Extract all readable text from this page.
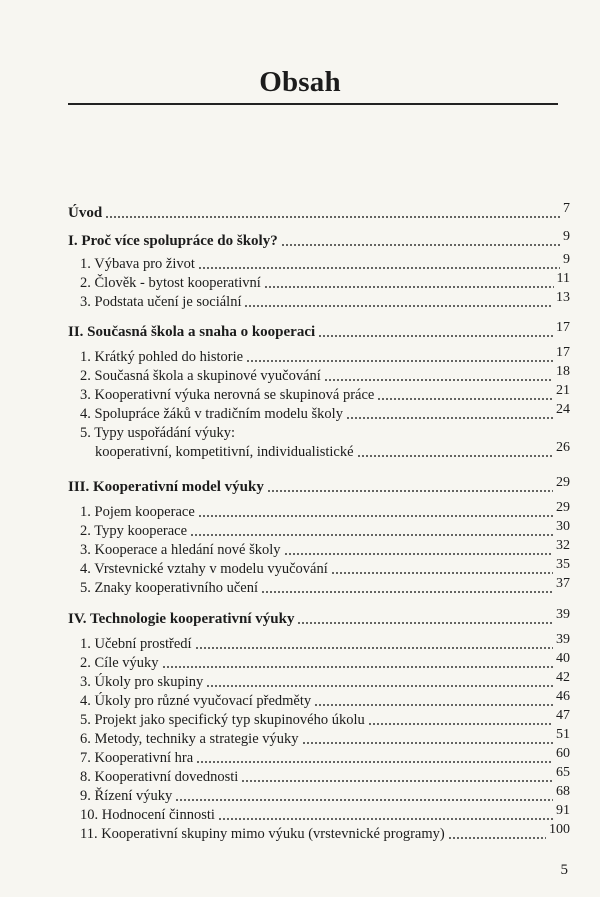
Obsah
Úvod	7
I. Proč více spolupráce do školy?	9
1. Výbava pro život	9
2. Člověk - bytost kooperativní	11
3. Podstata učení je sociální	13
II. Současná škola a snaha o kooperaci	17
1. Krátký pohled do historie	17
2. Současná škola a skupinové vyučování	18
3. Kooperativní výuka nerovná se skupinová práce	21
4. Spolupráce žáků v tradičním modelu školy	24
5. Typy uspořádání výuky:
kooperativní, kompetitivní, individualistické	26
III. Kooperativní model výuky	29
1. Pojem kooperace	29
2. Typy kooperace	30
3. Kooperace a hledání nové školy	32
4. Vrstevnické vztahy v modelu vyučování	35
5. Znaky kooperativního učení	37
IV. Technologie kooperativní výuky	39
1. Učební prostředí	39
2. Cíle výuky	40
3. Úkoly pro skupiny	42
4. Úkoly pro různé vyučovací předměty	46
5. Projekt jako specifický typ skupinového úkolu	47
6. Metody, techniky a strategie výuky	51
7. Kooperativní hra	60
8. Kooperativní dovednosti	65
9. Řízení výuky	68
10. Hodnocení činnosti	91
11. Kooperativní skupiny mimo výuku (vrstevnické programy)	100
5
